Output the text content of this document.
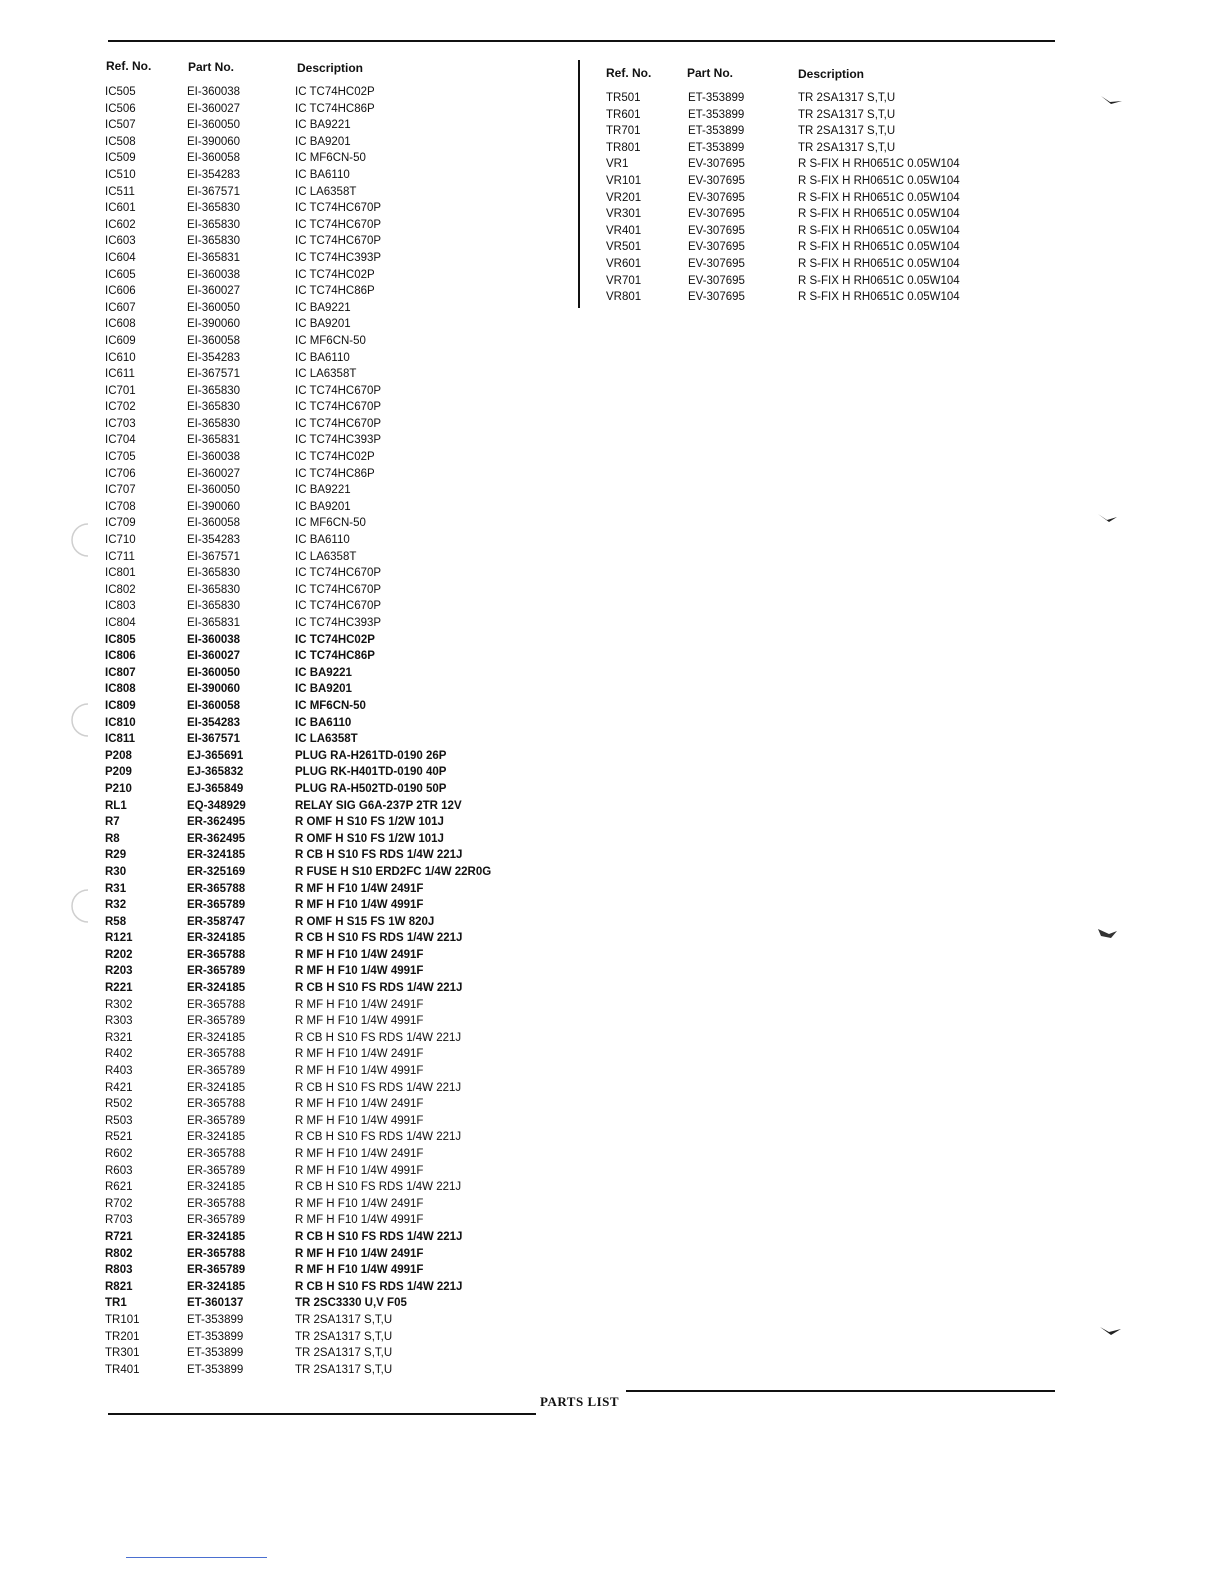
Ref. No.	Part No.	Description	Ref. No.	Part No.	Description
IC505	EI-360038	IC TC74HC02P
IC506	EI-360027	IC TC74HC86P
IC507	EI-360050	IC BA9221
IC508	EI-390060	IC BA9201
IC509	EI-360058	IC MF6CN-50
IC510	EI-354283	IC BA6110
IC511	EI-367571	IC LA6358T
IC601	EI-365830	IC TC74HC670P
IC602	EI-365830	IC TC74HC670P
IC603	EI-365830	IC TC74HC670P
IC604	EI-365831	IC TC74HC393P
IC605	EI-360038	IC TC74HC02P
IC606	EI-360027	IC TC74HC86P
IC607	EI-360050	IC BA9221
IC608	EI-390060	IC BA9201
IC609	EI-360058	IC MF6CN-50
IC610	EI-354283	IC BA6110
IC611	EI-367571	IC LA6358T
IC701	EI-365830	IC TC74HC670P
IC702	EI-365830	IC TC74HC670P
IC703	EI-365830	IC TC74HC670P
IC704	EI-365831	IC TC74HC393P
IC705	EI-360038	IC TC74HC02P
IC706	EI-360027	IC TC74HC86P
IC707	EI-360050	IC BA9221
IC708	EI-390060	IC BA9201
IC709	EI-360058	IC MF6CN-50
IC710	EI-354283	IC BA6110
IC711	EI-367571	IC LA6358T
IC801	EI-365830	IC TC74HC670P
IC802	EI-365830	IC TC74HC670P
IC803	EI-365830	IC TC74HC670P
IC804	EI-365831	IC TC74HC393P
IC805	EI-360038	IC TC74HC02P
IC806	EI-360027	IC TC74HC86P
IC807	EI-360050	IC BA9221
IC808	EI-390060	IC BA9201
IC809	EI-360058	IC MF6CN-50
IC810	EI-354283	IC BA6110
IC811	EI-367571	IC LA6358T
P208	EJ-365691	PLUG RA-H261TD-0190 26P
P209	EJ-365832	PLUG RK-H401TD-0190 40P
P210	EJ-365849	PLUG RA-H502TD-0190 50P
RL1	EQ-348929	RELAY SIG G6A-237P 2TR 12V
R7	ER-362495	R OMF H S10 FS 1/2W 101J
R8	ER-362495	R OMF H S10 FS 1/2W 101J
R29	ER-324185	R CB H S10 FS RDS 1/4W 221J
R30	ER-325169	R FUSE H S10 ERD2FC 1/4W 22R0G
R31	ER-365788	R MF H F10 1/4W 2491F
R32	ER-365789	R MF H F10 1/4W 4991F
R58	ER-358747	R OMF H S15 FS 1W 820J
R121	ER-324185	R CB H S10 FS RDS 1/4W 221J
R202	ER-365788	R MF H F10 1/4W 2491F
R203	ER-365789	R MF H F10 1/4W 4991F
R221	ER-324185	R CB H S10 FS RDS 1/4W 221J
R302	ER-365788	R MF H F10 1/4W 2491F
R303	ER-365789	R MF H F10 1/4W 4991F
R321	ER-324185	R CB H S10 FS RDS 1/4W 221J
R402	ER-365788	R MF H F10 1/4W 2491F
R403	ER-365789	R MF H F10 1/4W 4991F
R421	ER-324185	R CB H S10 FS RDS 1/4W 221J
R502	ER-365788	R MF H F10 1/4W 2491F
R503	ER-365789	R MF H F10 1/4W 4991F
R521	ER-324185	R CB H S10 FS RDS 1/4W 221J
R602	ER-365788	R MF H F10 1/4W 2491F
R603	ER-365789	R MF H F10 1/4W 4991F
R621	ER-324185	R CB H S10 FS RDS 1/4W 221J
R702	ER-365788	R MF H F10 1/4W 2491F
R703	ER-365789	R MF H F10 1/4W 4991F
R721	ER-324185	R CB H S10 FS RDS 1/4W 221J
R802	ER-365788	R MF H F10 1/4W 2491F
R803	ER-365789	R MF H F10 1/4W 4991F
R821	ER-324185	R CB H S10 FS RDS 1/4W 221J
TR1	ET-360137	TR 2SC3330 U,V F05
TR101	ET-353899	TR 2SA1317 S,T,U
TR201	ET-353899	TR 2SA1317 S,T,U
TR301	ET-353899	TR 2SA1317 S,T,U
TR401	ET-353899	TR 2SA1317 S,T,U
TR501	ET-353899	TR 2SA1317 S,T,U
TR601	ET-353899	TR 2SA1317 S,T,U
TR701	ET-353899	TR 2SA1317 S,T,U
TR801	ET-353899	TR 2SA1317 S,T,U
VR1	EV-307695	R S-FIX H RH0651C 0.05W104
VR101	EV-307695	R S-FIX H RH0651C 0.05W104
VR201	EV-307695	R S-FIX H RH0651C 0.05W104
VR301	EV-307695	R S-FIX H RH0651C 0.05W104
VR401	EV-307695	R S-FIX H RH0651C 0.05W104
VR501	EV-307695	R S-FIX H RH0651C 0.05W104
VR601	EV-307695	R S-FIX H RH0651C 0.05W104
VR701	EV-307695	R S-FIX H RH0651C 0.05W104
VR801	EV-307695	R S-FIX H RH0651C 0.05W104
PARTS LIST
